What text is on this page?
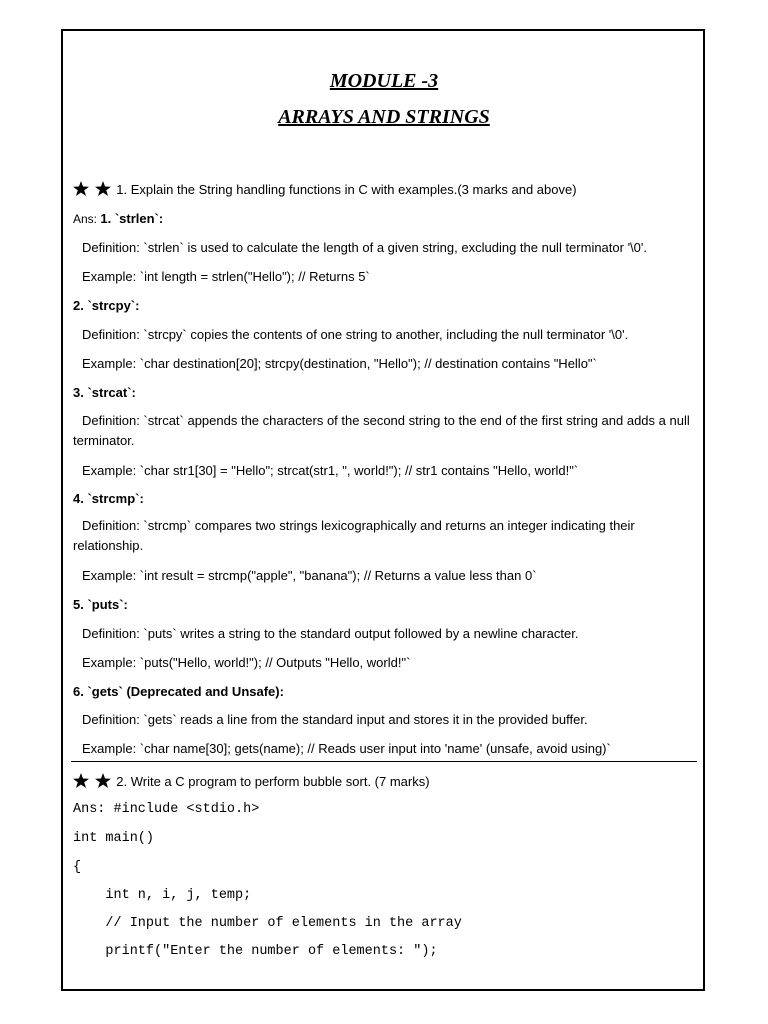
MODULE -3
ARRAYS AND STRINGS
1. Explain the String handling functions in C with examples.(3 marks and above)
Ans: 1. `strlen`:
Definition: `strlen` is used to calculate the length of a given string, excluding the null terminator '\0'.
Example: `int length = strlen("Hello"); // Returns 5`
2. `strcpy`:
Definition: `strcpy` copies the contents of one string to another, including the null terminator '\0'.
Example: `char destination[20]; strcpy(destination, "Hello"); // destination contains "Hello"`
3. `strcat`:
Definition: `strcat` appends the characters of the second string to the end of the first string and adds a null terminator.
Example: `char str1[30] = "Hello"; strcat(str1, ", world!"); // str1 contains "Hello, world!"`
4. `strcmp`:
Definition: `strcmp` compares two strings lexicographically and returns an integer indicating their relationship.
Example: `int result = strcmp("apple", "banana"); // Returns a value less than 0`
5. `puts`:
Definition: `puts` writes a string to the standard output followed by a newline character.
Example: `puts("Hello, world!"); // Outputs "Hello, world!"`
6. `gets` (Deprecated and Unsafe):
Definition: `gets` reads a line from the standard input and stores it in the provided buffer.
Example: `char name[30]; gets(name); // Reads user input into 'name' (unsafe, avoid using)`
2. Write a C program to perform bubble sort. (7 marks)
Ans: #include <stdio.h>
int main()
{
int n, i, j, temp;
// Input the number of elements in the array
printf("Enter the number of elements: ");
